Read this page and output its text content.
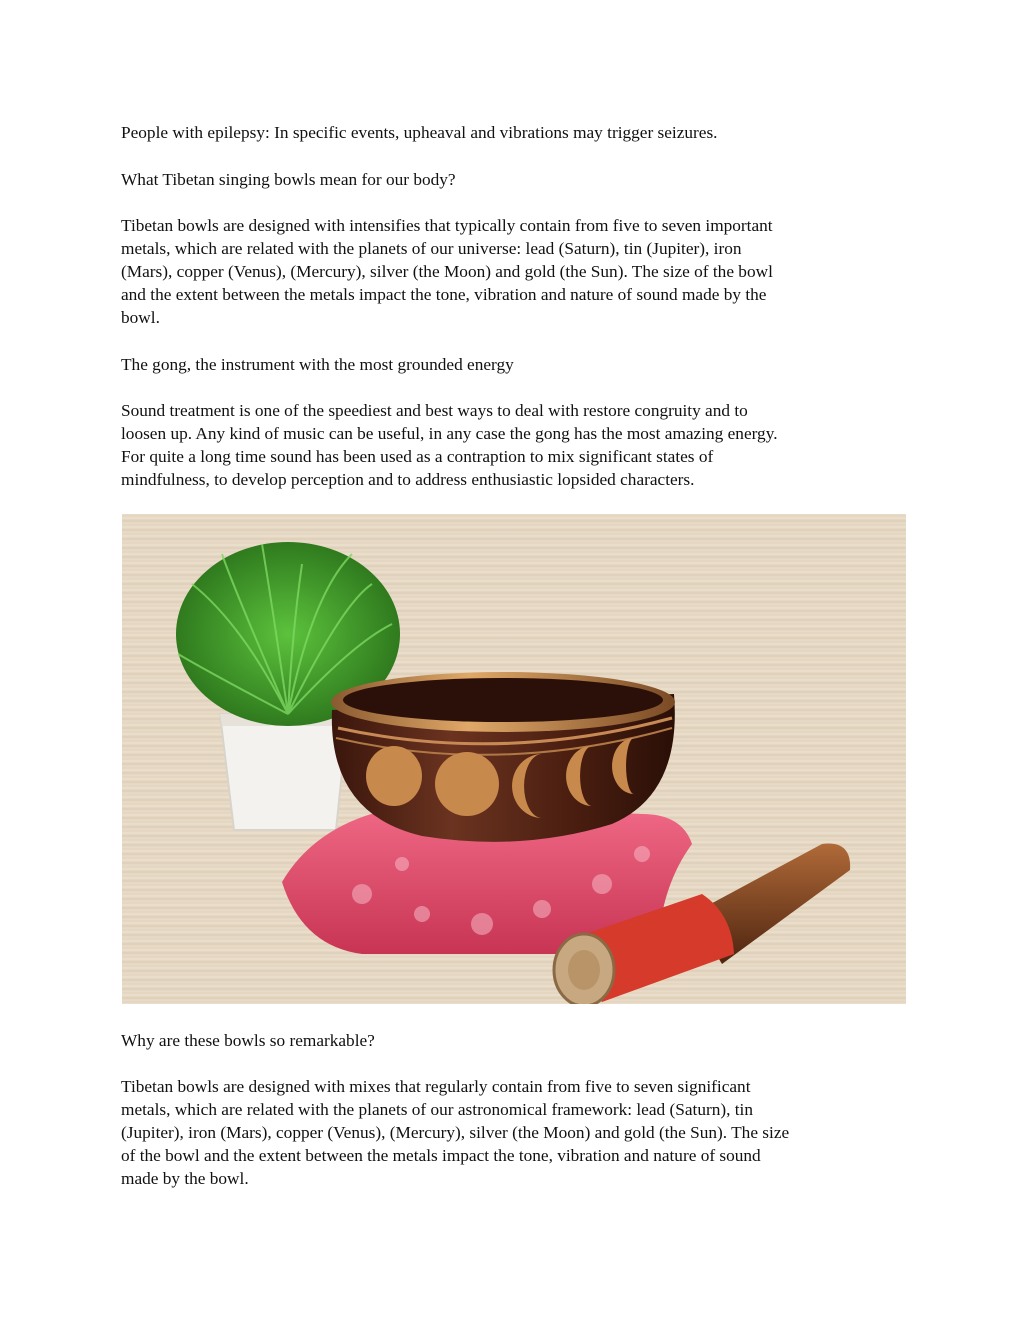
People with epilepsy: In specific events, upheaval and vibrations may trigger seizures.

What Tibetan singing bowls mean for our body?

Tibetan bowls are designed with intensifies that typically contain from five to seven important
metals, which are related with the planets of our universe: lead (Saturn), tin (Jupiter), iron
(Mars), copper (Venus), (Mercury), silver (the Moon) and gold (the Sun). The size of the bowl
and the extent between the metals impact the tone, vibration and nature of sound made by the
bowl.

The gong, the instrument with the most grounded energy

Sound treatment is one of the speediest and best ways to deal with restore congruity and to
loosen up. Any kind of music can be useful, in any case the gong has the most amazing energy.
For quite a long time sound has been used as a contraption to mix significant states of
mindfulness, to develop perception and to address enthusiastic lopsided characters.

Why are these bowls so remarkable?

Tibetan bowls are designed with mixes that regularly contain from five to seven significant
metals, which are related with the planets of our astronomical framework: lead (Saturn), tin
(Jupiter), iron (Mars), copper (Venus), (Mercury), silver (the Moon) and gold (the Sun). The size
of the bowl and the extent between the metals impact the tone, vibration and nature of sound
made by the bowl.
